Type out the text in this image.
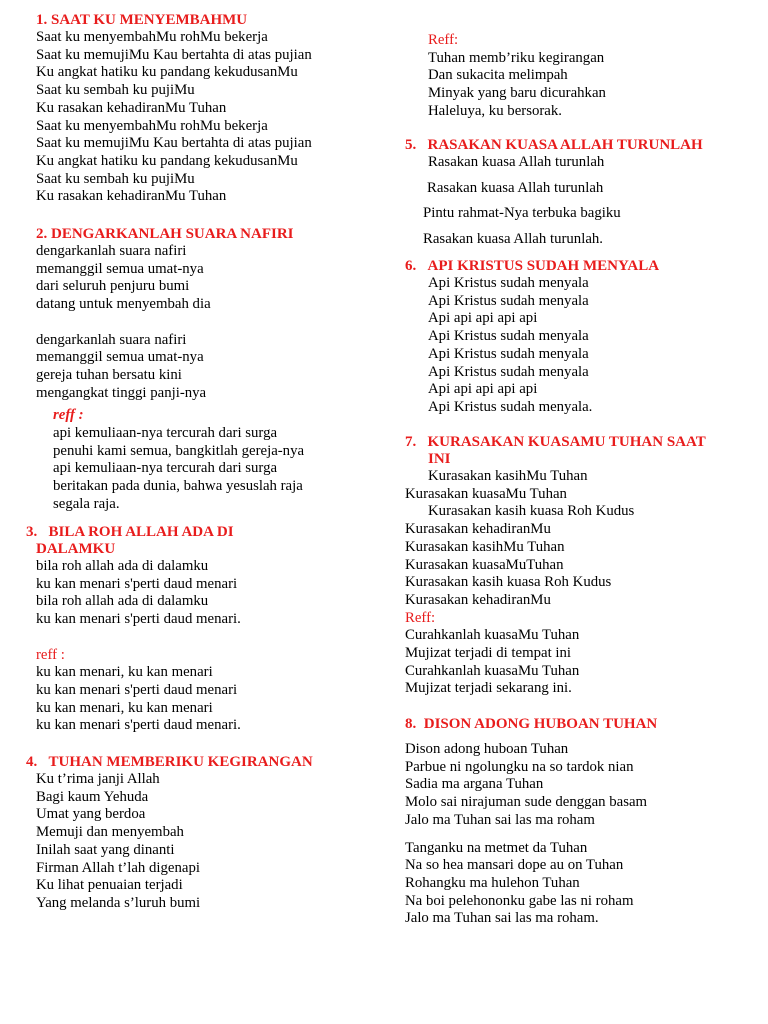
1. SAAT KU MENYEMBAHMU
Saat ku menyembahMu rohMu bekerja
Saat ku memujiMu Kau bertahta di atas pujian
Ku angkat hatiku ku pandang kekudusanMu
Saat ku sembah ku pujiMu
Ku rasakan kehadiranMu Tuhan
Saat ku menyembahMu rohMu bekerja
Saat ku memujiMu Kau bertahta di atas pujian
Ku angkat hatiku ku pandang kekudusanMu
Saat ku sembah ku pujiMu
Ku rasakan kehadiranMu Tuhan
2. DENGARKANLAH SUARA NAFIRI
dengarkanlah suara nafiri
memanggil semua umat-nya
dari seluruh penjuru bumi
datang untuk menyembah dia
dengarkanlah suara nafiri
memanggil semua umat-nya
gereja tuhan bersatu kini
mengangkat tinggi panji-nya
reff :
api kemuliaan-nya tercurah dari surga
penuhi kami semua, bangkitlah gereja-nya
api kemuliaan-nya tercurah dari surga
beritakan pada dunia, bahwa yesuslah raja
segala raja.
3. BILA ROH ALLAH ADA DI
DALAMKU
bila roh allah ada di dalamku
ku kan menari s'perti daud menari
bila roh allah ada di dalamku
ku kan menari s'perti daud menari.
reff :
ku kan menari, ku kan menari
ku kan menari s'perti daud menari
ku kan menari, ku kan menari
ku kan menari s'perti daud menari.
4. TUHAN MEMBERIKU KEGIRANGAN
Ku t’rima janji Allah
Bagi kaum Yehuda
Umat yang berdoa
Memuji dan menyembah
Inilah saat yang dinanti
Firman Allah t’lah digenapi
Ku lihat penuaian terjadi
Yang melanda s’luruh bumi
Reff:
Tuhan memb’riku kegirangan
Dan sukacita melimpah
Minyak yang baru dicurahkan
Haleluya, ku bersorak.
5. RASAKAN KUASA ALLAH TURUNLAH
Rasakan kuasa Allah turunlah
Rasakan kuasa Allah turunlah
Pintu rahmat-Nya terbuka bagiku
Rasakan kuasa Allah turunlah.
6. API KRISTUS SUDAH MENYALA
Api Kristus sudah menyala
Api Kristus sudah menyala
Api api api api api
Api Kristus sudah menyala
Api Kristus sudah menyala
Api Kristus sudah menyala
Api api api api api
Api Kristus sudah menyala.
7. KURASAKAN KUASAMU TUHAN SAAT
INI
Kurasakan kasihMu Tuhan
Kurasakan kuasaMu Tuhan
Kurasakan kasih kuasa Roh Kudus
Kurasakan kehadiranMu
Kurasakan kasihMu Tuhan
Kurasakan kuasaMuTuhan
Kurasakan kasih kuasa Roh Kudus
Kurasakan kehadiranMu
Reff:
Curahkanlah kuasaMu Tuhan
Mujizat terjadi di tempat ini
Curahkanlah kuasaMu Tuhan
Mujizat terjadi sekarang ini.
8. DISON ADONG HUBOAN TUHAN
Dison adong huboan Tuhan
Parbue ni ngolungku na so tardok nian
Sadia ma argana Tuhan
Molo sai nirajuman sude denggan basam
Jalo ma Tuhan sai las ma roham
Tanganku na metmet da Tuhan
Na so hea mansari dope au on Tuhan
Rohangku ma hulehon Tuhan
Na boi pelehononku gabe las ni roham
Jalo ma Tuhan sai las ma roham.
